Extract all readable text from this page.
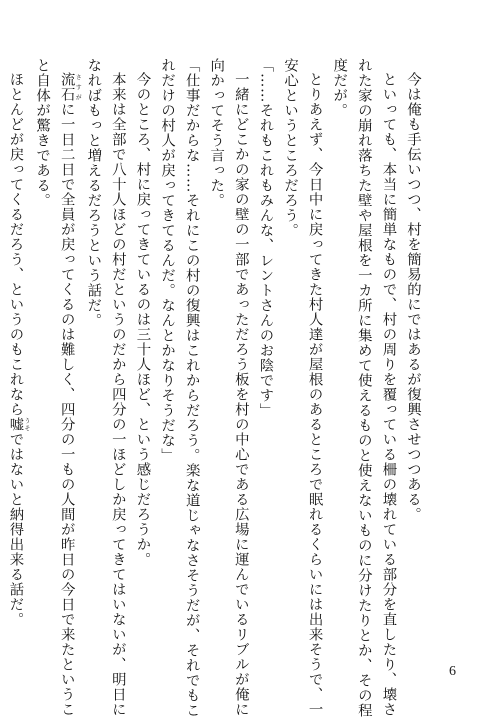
今は俺も手伝いつつ、村を簡易的にではあるが復興させつつある。

といっても、本当に簡単なもので、村の周りを覆っている柵の壊れている部分を直したり、壊さ

れた家の崩れ落ちた壁や屋根を一カ所に集めて使えるものと使えないものに分けたりとか、その程

度だが。

とりあえず、今日中に戻ってきた村人達が屋根のあるところで眠れるくらいには出来そうで、一

安心というところだろう。

「……それもこれもみんな、レントさんのお陰です」

一緒にどこかの家の壁の一部であっただろう板を村の中心である広場に運んでいるリブルが俺に

向かってそう言った。

「仕事だからな……それにこの村の復興はこれからだろう。楽な道じゃなさそうだが、それでもこ

れだけの村人が戻ってきてるんだ。なんとかなりそうだな」

今のところ、村に戻ってきているのは三十人ほど、という感じだろうか。

本来は全部で八十人ほどの村だというのだから四分の一ほどしか戻ってきてはいないが、明日に

なればもっと増えるだろうという話だ。

流石 さすがに一日二日で全員が戻ってくるのは難しく、四分の一もの人間が昨日の今日で来たというこ

と自体が驚きである。

ほとんどが戻ってくるだろう、というのもこれなら嘘 うそではないと納得出来る話だ。

6
